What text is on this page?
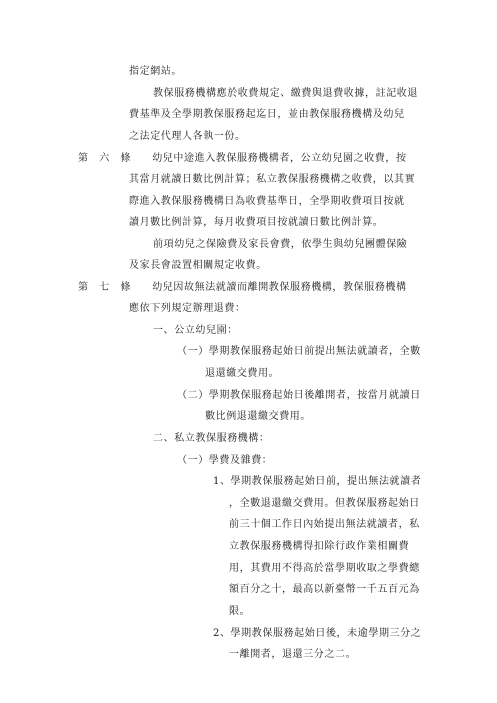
指定網站。
教保服務機構應於收費規定、繳費與退費收據，註記收退
費基準及全學期教保服務起迄日，並由教保服務機構及幼兒
之法定代理人各執一份。
第　六　條　　幼兒中途進入教保服務機構者，公立幼兒園之收費，按
其當月就讀日數比例計算；私立教保服務機構之收費，以其實
際進入教保服務機構日為收費基準日，全學期收費項目按就
讀月數比例計算，每月收費項目按就讀日數比例計算。
前項幼兒之保險費及家長會費，依學生與幼兒團體保險
及家長會設置相關規定收費。
第　七　條　　幼兒因故無法就讀而離開教保服務機構，教保服務機構
應依下列規定辦理退費：
一、公立幼兒園：
（一）學期教保服務起始日前提出無法就讀者，全數
退還繳交費用。
（二）學期教保服務起始日後離開者，按當月就讀日
數比例退還繳交費用。
二、私立教保服務機構：
（一）學費及雜費：
1、學期教保服務起始日前，提出無法就讀者
，全數退還繳交費用。但教保服務起始日
前三十個工作日內始提出無法就讀者，私
立教保服務機構得扣除行政作業相關費
用，其費用不得高於當學期收取之學費總
額百分之十，最高以新臺幣一千五百元為
限。
2、學期教保服務起始日後，未逾學期三分之
一離開者，退還三分之二。
